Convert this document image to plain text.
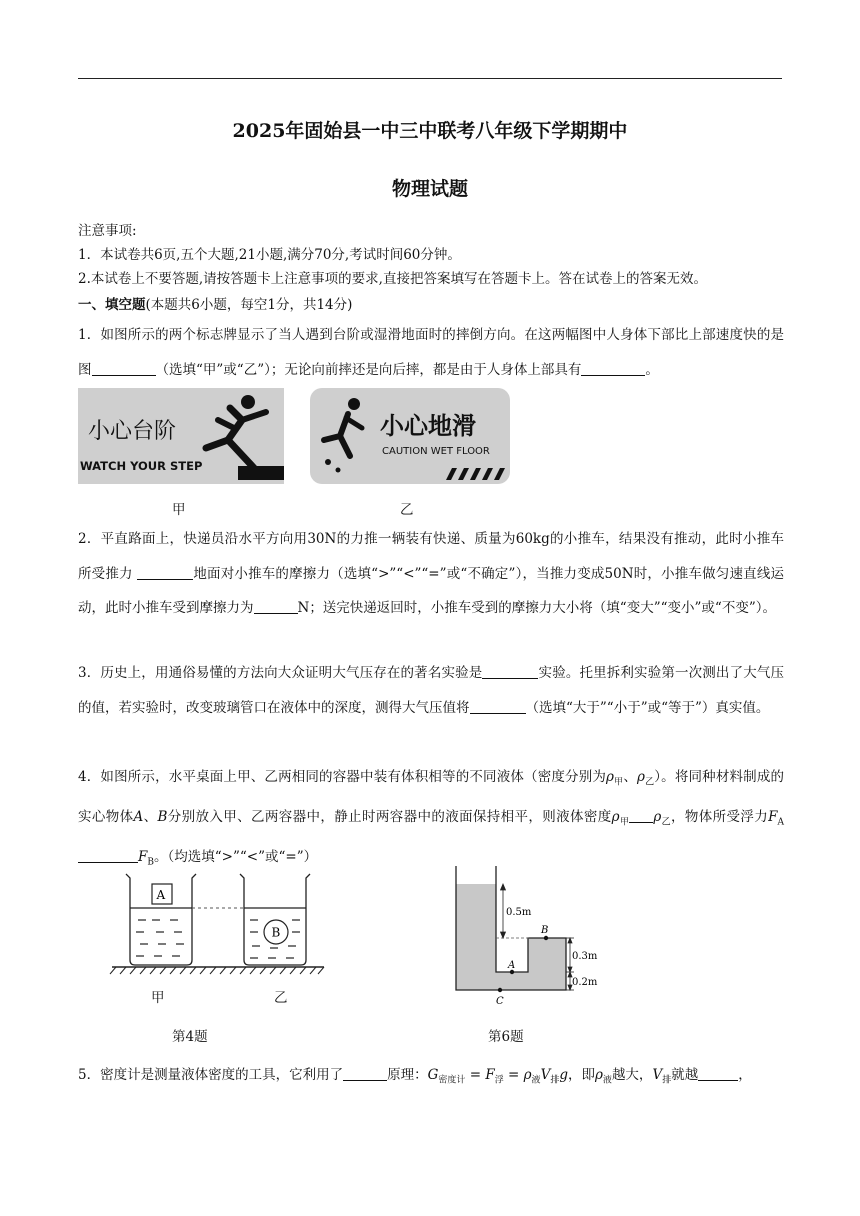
2025年固始县一中三中联考八年级下学期期中
物理试题
注意事项:
1．本试卷共6页,五个大题,21小题,满分70分,考试时间60分钟。
2.本试卷上不要答题,请按答题卡上注意事项的要求,直接把答案填写在答题卡上。答在试卷上的答案无效。
一、填空题(本题共6小题，每空1分，共14分)
1．如图所示的两个标志牌显示了当人遇到台阶或湿滑地面时的摔倒方向。在这两幅图中人身体下部比上部速度快的是图	（选填“甲”或“乙”）；无论向前摔还是向后摔，都是由于人身体上部具有	。
小心台阶
WATCH YOUR STEP
小心地滑
CAUTION WET FLOOR
甲	乙
2．平直路面上，快递员沿水平方向用30N的力推一辆装有快递、质量为60kg的小推车，结果没有推动，此时小推车所受推力	地面对小推车的摩擦力（选填“>”“<”“=”或“不确定”），当推力变成50N时，小推车做匀速直线运动，此时小推车受到摩擦力为	N；送完快递返回时，小推车受到的摩擦力大小将（填“变大”“变小”或“不变”）。
3．历史上，用通俗易懂的方法向大众证明大气压存在的著名实验是	实验。托里拆利实验第一次测出了大气压的值，若实验时，改变玻璃管口在液体中的深度，测得大气压值将	（选填“大于”“小于”或“等于”）真实值。
4．如图所示，水平桌面上甲、乙两相同的容器中装有体积相等的不同液体（密度分别为$\rho_甲$、$\rho_乙$）。将同种材料制成的实心物体A、B分别放入甲、乙两容器中，静止时两容器中的液面保持相平，则液体密度$\rho_甲$ $\rho_乙$，物体所受浮力$F_AF_B$。（均选填“>”“<”或“=”）
A
B
甲	乙
第4题
0.5m
0.3m
0.2m
A
B
C
第6题
5．密度计是测量液体密度的工具，它利用了	原理：$G_{密度计} = F_浮 = \rho_液V_排g$，即$\rho_液$越大，$V_排$就越	，
